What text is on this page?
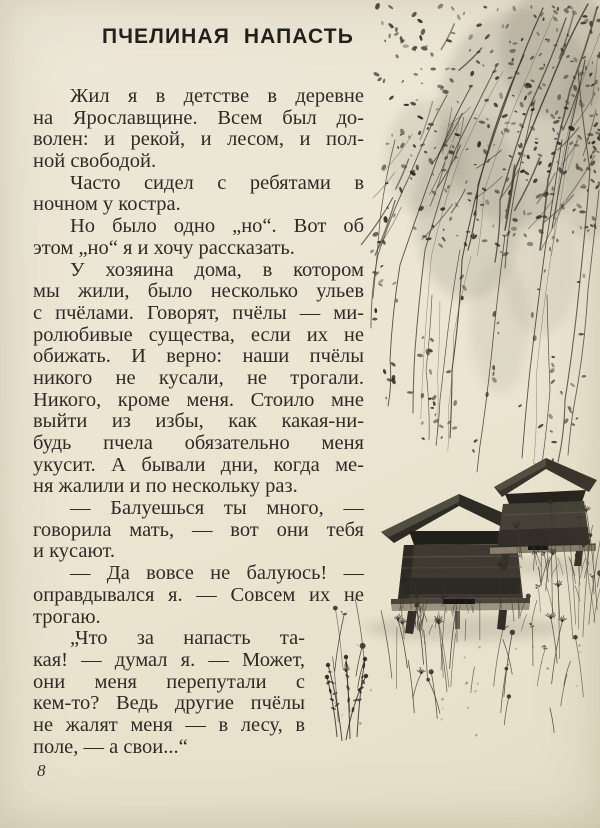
ПЧЕЛИНАЯ НАПАСТЬ
Жил я в детстве в деревне
на Ярославщине. Всем был до-
волен: и рекой, и лесом, и пол-
ной свободой.
Часто сидел с ребятами в
ночном у костра.
Но было одно „но“. Вот об
этом „но“ я и хочу рассказать.
У хозяина дома, в котором
мы жили, было несколько ульев
с пчёлами. Говорят, пчёлы — ми-
ролюбивые существа, если их не
обижать. И верно: наши пчёлы
никого не кусали, не трогали.
Никого, кроме меня. Стоило мне
выйти из избы, как какая-ни-
будь пчела обязательно меня
укусит. А бывали дни, когда ме-
ня жалили и по нескольку раз.
— Балуешься ты много, —
говорила мать, — вот они тебя
и кусают.
— Да вовсе не балуюсь! —
оправдывался я. — Совсем их не
трогаю.
„Что за напасть та-
кая! — думал я. — Может,
они меня перепутали с
кем-то? Ведь другие пчёлы
не жалят меня — в лесу, в
поле, — а свои...“
8
